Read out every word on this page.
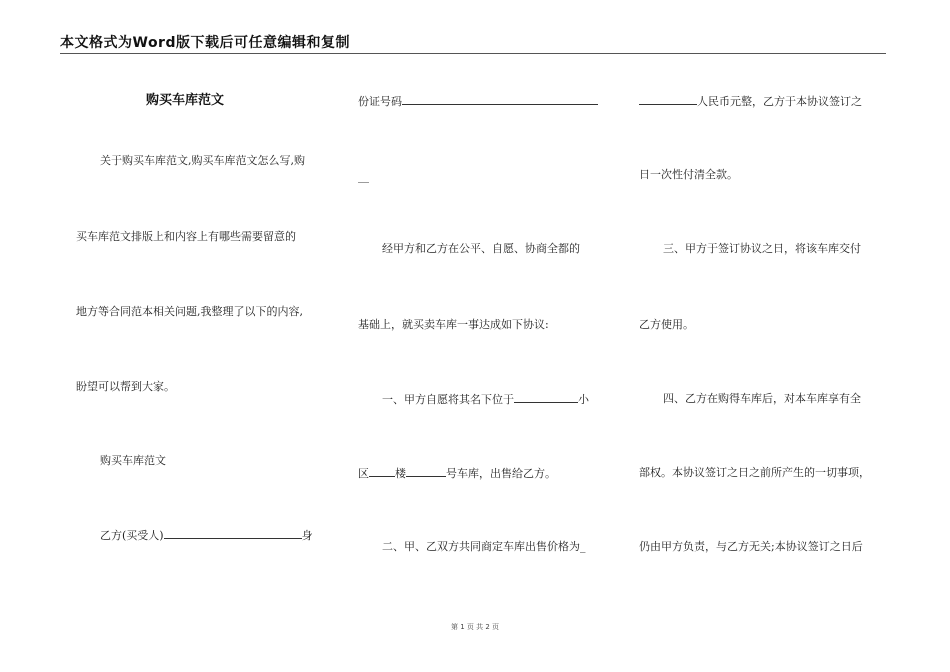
本文格式为Word版下载后可任意编辑和复制
购买车库范文
关于购买车库范文,购买车库范文怎么写,购
买车库范文排版上和内容上有哪些需要留意的
地方等合同范本相关问题,我整理了以下的内容,
盼望可以帮到大家。
购买车库范文
乙方(买受人)	身
份证号码
__
经甲方和乙方在公平、自愿、协商全都的
基础上，就买卖车库一事达成如下协议:
一、甲方自愿将其名下位于	小
区 楼	号车库，出售给乙方。
二、甲、乙双方共同商定车库出售价格为_
人民币元整，乙方于本协议签订之
日一次性付清全款。
三、甲方于签订协议之日，将该车库交付
乙方使用。
四、乙方在购得车库后，对本车库享有全
部权。本协议签订之日之前所产生的一切事项，
仍由甲方负责，与乙方无关;本协议签订之日后
第 1 页 共 2 页
